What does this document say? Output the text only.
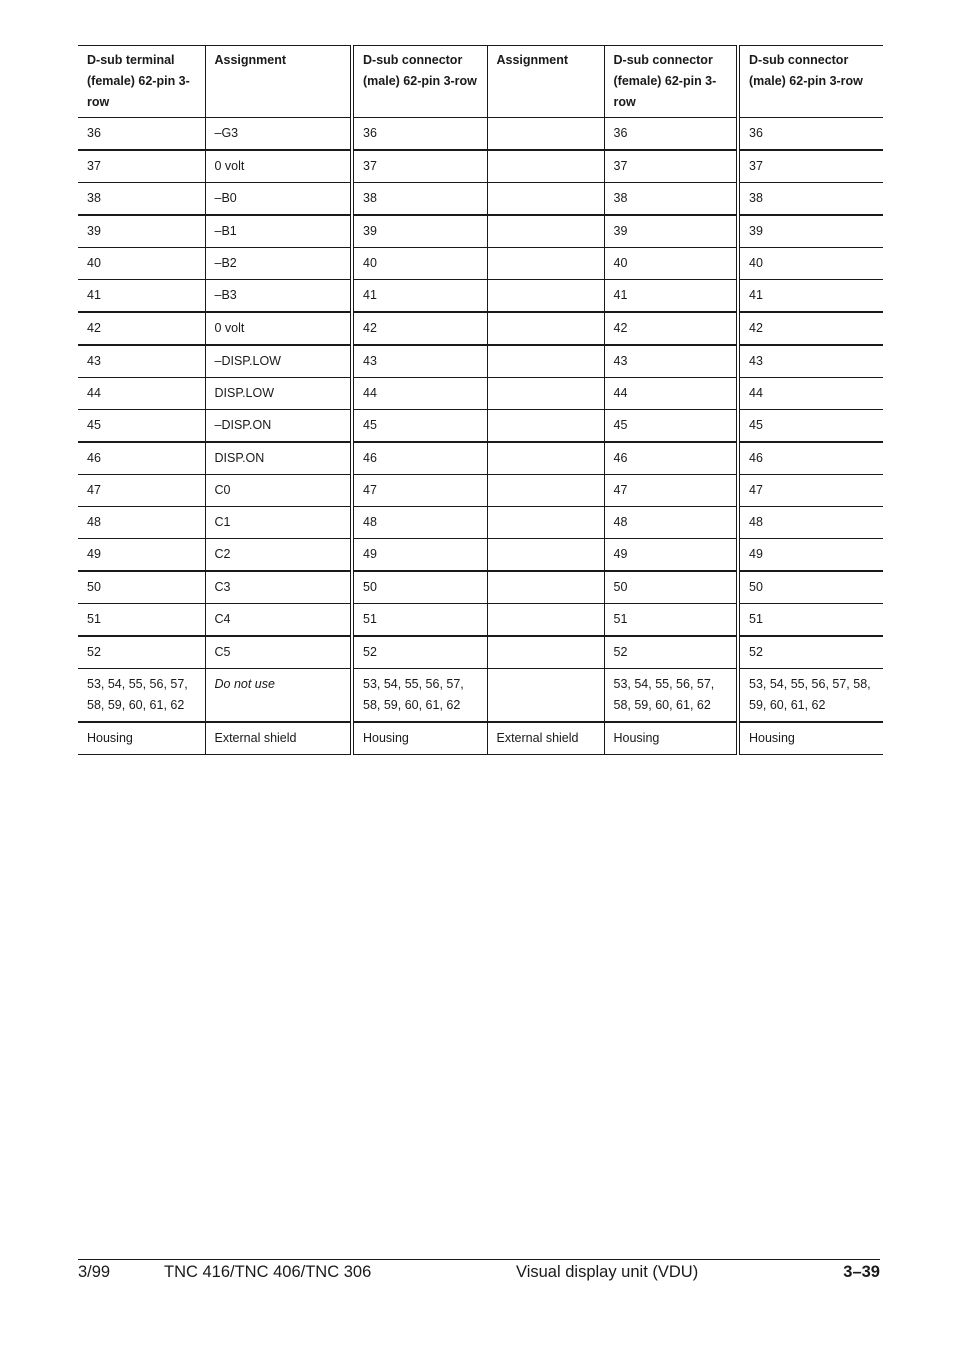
D-sub terminal (female) 62-pin 3-row	Assignment	D-sub connector (male) 62-pin 3-row	Assignment	D-sub connector (female) 62-pin 3-row	D-sub connector (male) 62-pin 3-row
36	–G3	36		36	36
37	0 volt	37		37	37
38	–B0	38		38	38
39	–B1	39		39	39
40	–B2	40		40	40
41	–B3	41		41	41
42	0 volt	42		42	42
43	–DISP.LOW	43		43	43
44	DISP.LOW	44		44	44
45	–DISP.ON	45		45	45
46	DISP.ON	46		46	46
47	C0	47		47	47
48	C1	48		48	48
49	C2	49		49	49
50	C3	50		50	50
51	C4	51		51	51
52	C5	52		52	52
53, 54, 55, 56, 57, 58, 59, 60, 61, 62	Do not use	53, 54, 55, 56, 57, 58, 59, 60, 61, 62		53, 54, 55, 56, 57, 58, 59, 60, 61, 62	53, 54, 55, 56, 57, 58, 59, 60, 61, 62
Housing	External shield	Housing	External shield	Housing	Housing
3/99	TNC 416/TNC 406/TNC 306	Visual display unit (VDU)	3–39
